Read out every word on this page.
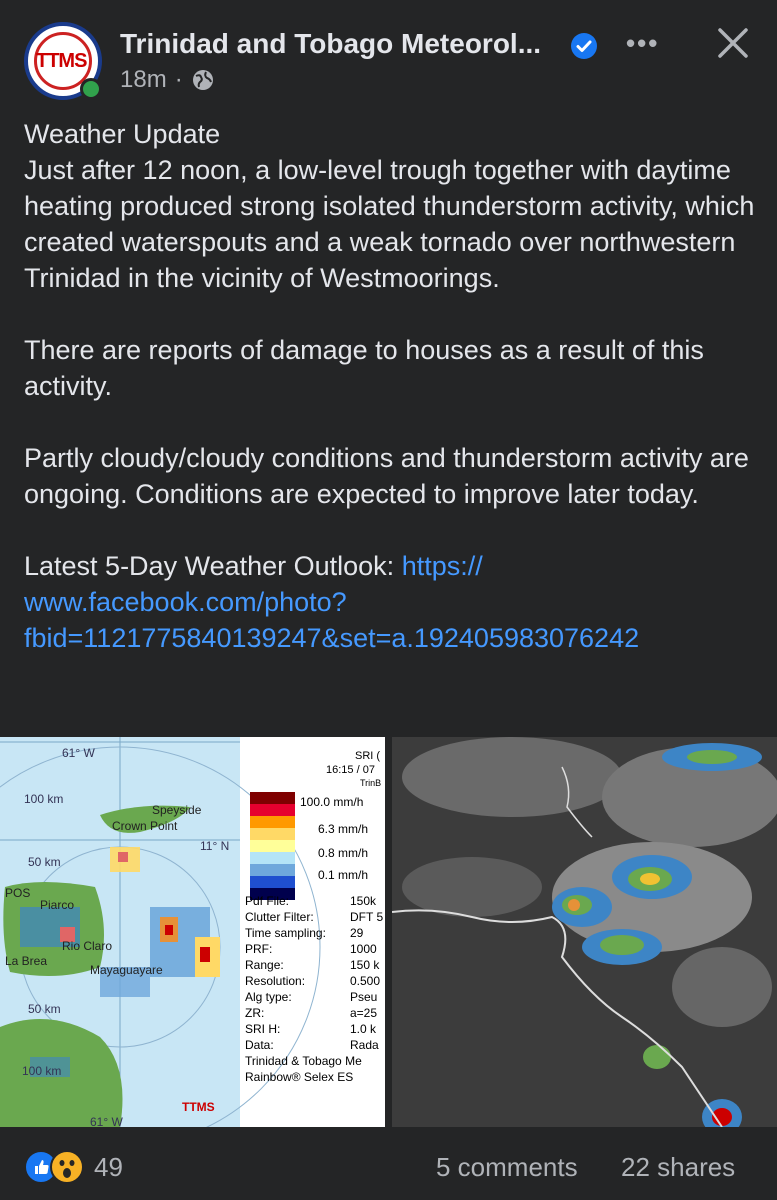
TTMS
Trinidad and Tobago Meteorol...
18m ·
•••

Weather Update

Just after 12 noon, a low-level trough together with daytime heating produced strong isolated thunderstorm activity, which created waterspouts and a weak tornado over northwestern Trinidad in the vicinity of Westmoorings.

There are reports of damage to houses as a result of this activity.

Partly cloudy/cloudy conditions and thunderstorm activity are ongoing. Conditions are expected to improve later today.

Latest 5-Day Weather Outlook: https://

www.facebook.com/photo?

fbid=1121775840139247&set=a.192405983076242

61° W
11° N
100 km
50 km
50 km
100 km
61° W
Speyside
Crown Point
POS
Piarco
Rio Claro
La Brea
Mayaguayare
SRI (
16:15 / 07
TrinB
100.0 mm/h
6.3 mm/h
0.8 mm/h
0.1 mm/h
Pdf File:	150k
Clutter Filter:	DFT 5
Time sampling: 29
PRF:	1000
Range:	150 k
Resolution:	0.500
Alg type:	Pseu
ZR:	a=25
SRI H:	1.0 k
Data:	Rada
Trinidad & Tobago Me
Rainbow® Selex ES
TTMS
49	5 comments 22 shares
